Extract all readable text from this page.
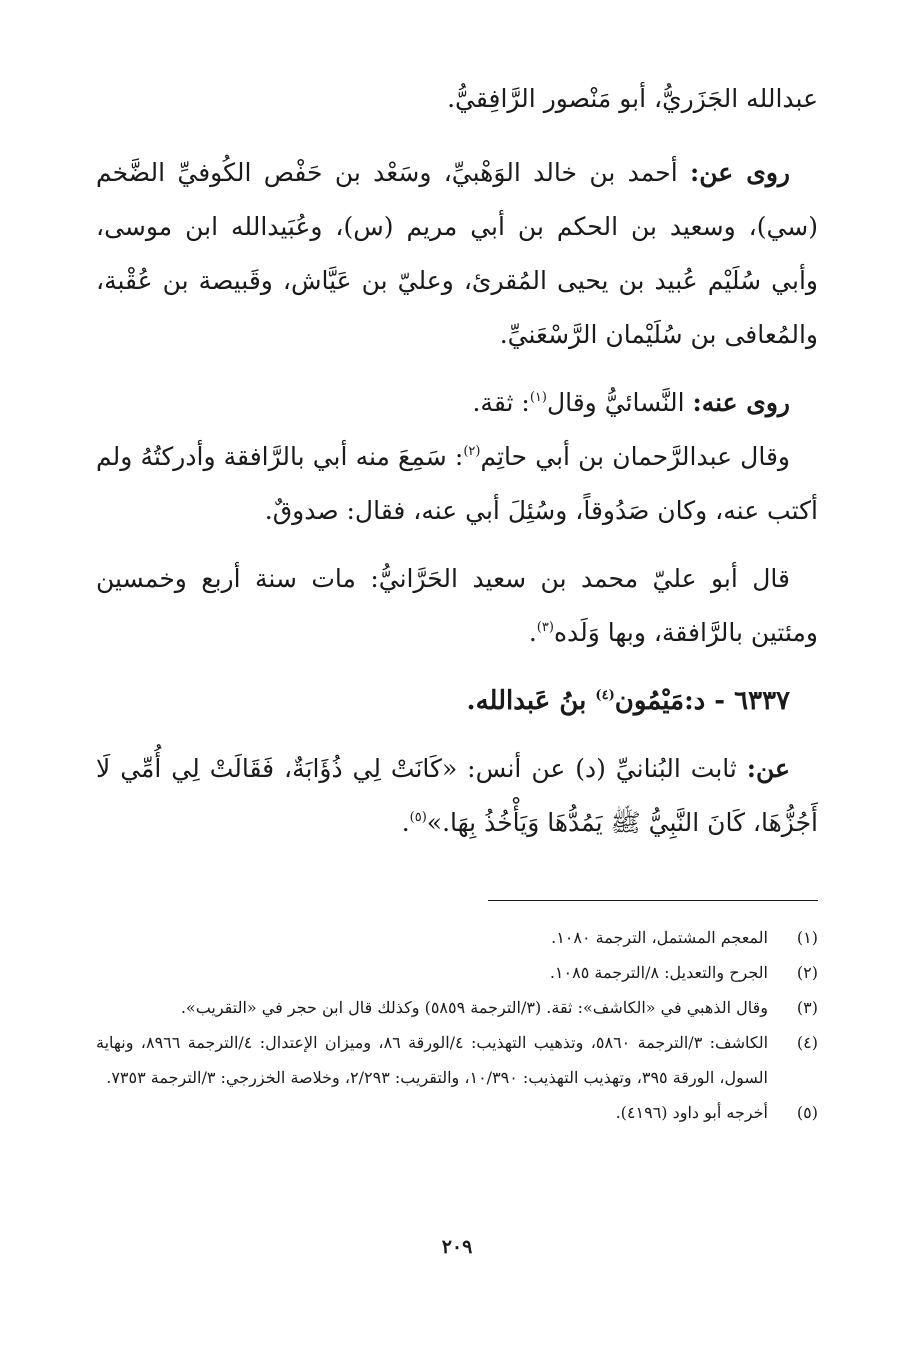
عبدالله الجَزَريُّ، أبو مَنْصور الرَّافِقيُّ.

روى عن: أحمد بن خالد الوَهْبيِّ، وسَعْد بن حَفْص الكُوفيِّ الضَّخم (سي)، وسعيد بن الحكم بن أبي مريم (س)، وعُبَيدالله ابن موسى، وأبي سُلَيْم عُبيد بن يحيى المُقرئ، وعليّ بن عَيَّاش، وقَبيصة بن عُقْبة، والمُعافى بن سُلَيْمان الرَّسْعَنيِّ.

روى عنه: النَّسائيُّ وقال$^{(١)}$: ثقة.

وقال عبدالرَّحمان بن أبي حاتِم$^{(٢)}$: سَمِعَ منه أبي بالرَّافقة وأدركتُهُ ولم أكتب عنه، وكان صَدُوقاً، وسُئِلَ أبي عنه، فقال: صدوقٌ.

قال أبو عليّ محمد بن سعيد الحَرَّانيُّ: مات سنة أربع وخمسين ومئتين بالرَّافقة، وبها وَلَده$^{(٣)}$.

٦٣٣٧ - د:مَيْمُون$^{(٤)}$ بنُ عَبدالله.

عن: ثابت البُنانيِّ (د) عن أنس: «كَانَتْ لِي ذُؤَابَةٌ، فَقَالَتْ لِي أُمِّي لَا أَجُزُّهَا، كَانَ النَّبِيُّ ﷺ يَمُدُّهَا وَيَأْخُذُ بِهَا.»$^{(٥)}$.

(١)
المعجم المشتمل، الترجمة ١٠٨٠.
(٢)
الجرح والتعديل: ٨/الترجمة ١٠٨٥.
(٣)
وقال الذهبي في «الكاشف»: ثقة. (٣/الترجمة ٥٨٥٩) وكذلك قال ابن حجر في «التقريب».
(٤)
الكاشف: ٣/الترجمة ٥٨٦٠، وتذهيب التهذيب: ٤/الورقة ٨٦، وميزان الإعتدال: ٤/الترجمة ٨٩٦٦، ونهاية السول، الورقة ٣٩٥، وتهذيب التهذيب: ١٠/٣٩٠، والتقريب: ٢/٢٩٣، وخلاصة الخزرجي: ٣/الترجمة ٧٣٥٣.
(٥)
أخرجه أبو داود (٤١٩٦).
٢٠٩
